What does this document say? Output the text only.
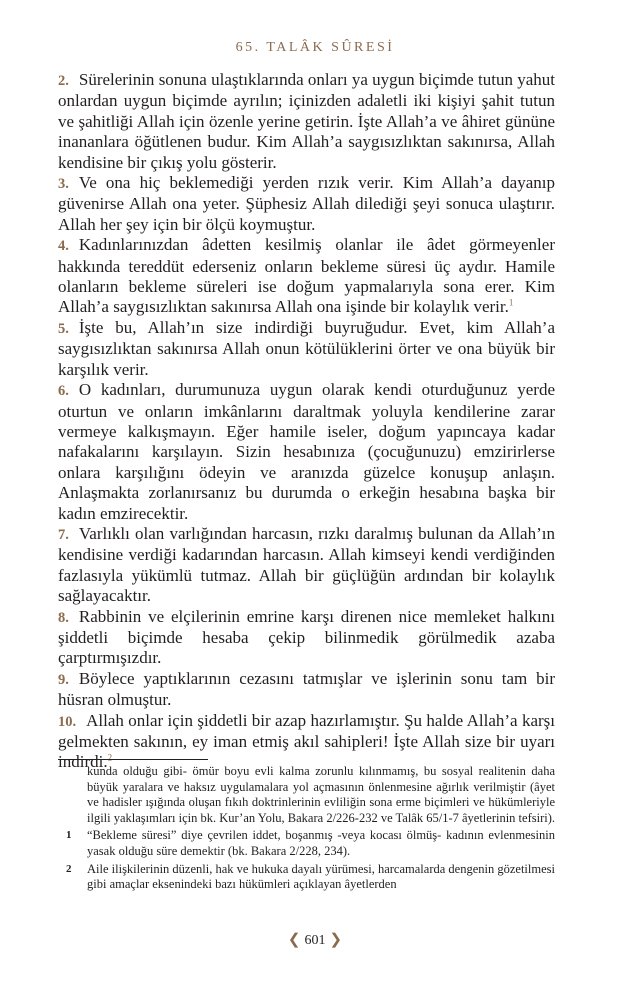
65. TALÂK SÛRESİ

2. Sürelerinin sonuna ulaştıklarında onları ya uygun biçimde tutun yahut onlardan uygun biçimde ayrılın; içinizden adaletli iki kişiyi şahit tutun ve şahitliği Allah için özenle yerine getirin. İşte Allah’a ve âhiret gününe inananlara öğütlenen budur. Kim Allah’a saygısızlıktan sakınırsa, Allah kendisine bir çıkış yolu gösterir.

3. Ve ona hiç beklemediği yerden rızık verir. Kim Allah’a dayanıp güvenirse Allah ona yeter. Şüphesiz Allah dilediği şeyi sonuca ulaştırır. Allah her şey için bir ölçü koymuştur.

4. Kadınlarınızdan âdetten kesilmiş olanlar ile âdet görmeyenler hakkında tereddüt ederseniz onların bekleme süresi üç aydır. Hamile olanların bekleme süreleri ise doğum yapmalarıyla sona erer. Kim Allah’a saygısızlıktan sakınırsa Allah ona işinde bir kolaylık verir.$^1$

5. İşte bu, Allah’ın size indirdiği buyruğudur. Evet, kim Allah’a saygısızlıktan sakınırsa Allah onun kötülüklerini örter ve ona büyük bir karşılık verir.

6. O kadınları, durumunuza uygun olarak kendi oturduğunuz yerde oturtun ve onların imkânlarını daraltmak yoluyla kendilerine zarar vermeye kalkışmayın. Eğer hamile iseler, doğum yapıncaya kadar nafakalarını karşılayın. Sizin hesabınıza (çocuğunuzu) emzirirlerse onlara karşılığını ödeyin ve aranızda güzelce konuşup anlaşın. Anlaşmakta zorlanırsanız bu durumda o erkeğin hesabına başka bir kadın emzirecektir.

7. Varlıklı olan varlığından harcasın, rızkı daralmış bulunan da Allah’ın kendisine verdiği kadarından harcasın. Allah kimseyi kendi verdiğinden fazlasıyla yükümlü tutmaz. Allah bir güçlüğün ardından bir kolaylık sağlayacaktır.

8. Rabbinin ve elçilerinin emrine karşı direnen nice memleket halkını şiddetli biçimde hesaba çekip bilinmedik görülmedik azaba çarptırmışızdır.

9. Böylece yaptıklarının cezasını tatmışlar ve işlerinin sonu tam bir hüsran olmuştur.

10. Allah onlar için şiddetli bir azap hazırlamıştır. Şu halde Allah’a karşı gelmekten sakının, ey iman etmiş akıl sahipleri! İşte Allah size bir uyarı indirdi.$^2$

kunda olduğu gibi- ömür boyu evli kalma zorunlu kılınmamış, bu sosyal realitenin daha büyük yaralara ve haksız uygulamalara yol açmasının önlenmesine ağırlık verilmiştir (âyet ve hadisler ışığında oluşan fıkıh doktrinlerinin evliliğin sona erme biçimleri ve hükümleriyle ilgili yaklaşımları için bk. Kur’an Yolu, Bakara 2/226-232 ve Talâk 65/1-7 âyetlerinin tefsiri).

1 “Bekleme süresi” diye çevrilen iddet, boşanmış -veya kocası ölmüş- kadının evlenmesinin yasak olduğu süre demektir (bk. Bakara 2/228, 234).

2 Aile ilişkilerinin düzenli, hak ve hukuka dayalı yürümesi, harcamalarda dengenin gözetilmesi gibi amaçlar eksenindeki bazı hükümleri açıklayan âyetlerden

❮ 601 ❯
